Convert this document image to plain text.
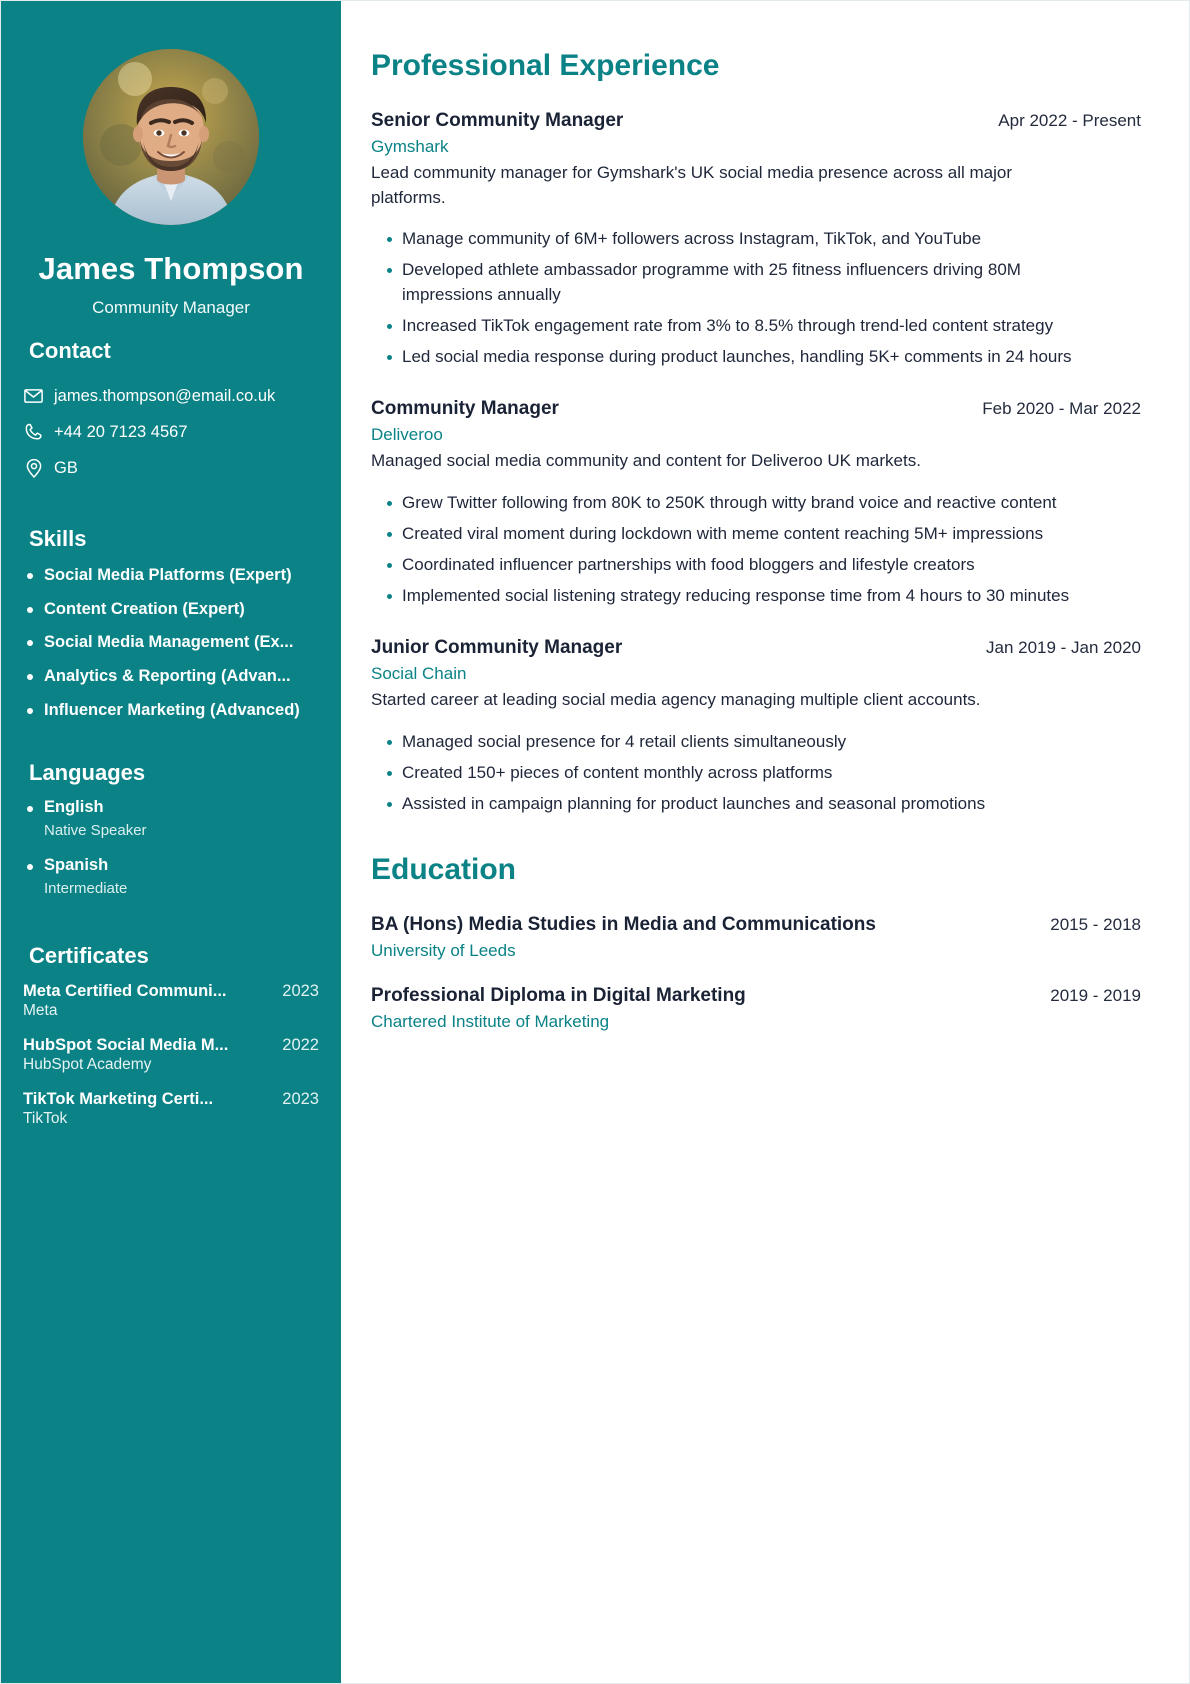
James Thompson
Community Manager
Contact
james.thompson@email.co.uk
+44 20 7123 4567
GB
Skills
Social Media Platforms (Expert)
Content Creation (Expert)
Social Media Management (Ex...
Analytics & Reporting (Advan...
Influencer Marketing (Advanced)
Languages
English
Native Speaker
Spanish
Intermediate
Certificates
Meta Certified Communi...	2023
Meta
HubSpot Social Media M...	2022
HubSpot Academy
TikTok Marketing Certi...	2023
TikTok
Professional Experience
Senior Community Manager	Apr 2022 - Present
Gymshark

Lead community manager for Gymshark's UK social media presence across all major platforms.

Manage community of 6M+ followers across Instagram, TikTok, and YouTube
Developed athlete ambassador programme with 25 fitness influencers driving 80M impressions annually
Increased TikTok engagement rate from 3% to 8.5% through trend-led content strategy
Led social media response during product launches, handling 5K+ comments in 24 hours
Community Manager	Feb 2020 - Mar 2022
Deliveroo

Managed social media community and content for Deliveroo UK markets.

Grew Twitter following from 80K to 250K through witty brand voice and reactive content
Created viral moment during lockdown with meme content reaching 5M+ impressions
Coordinated influencer partnerships with food bloggers and lifestyle creators
Implemented social listening strategy reducing response time from 4 hours to 30 minutes
Junior Community Manager	Jan 2019 - Jan 2020
Social Chain

Started career at leading social media agency managing multiple client accounts.

Managed social presence for 4 retail clients simultaneously
Created 150+ pieces of content monthly across platforms
Assisted in campaign planning for product launches and seasonal promotions
Education
BA (Hons) Media Studies in Media and Communications	2015 - 2018
University of Leeds
Professional Diploma in Digital Marketing	2019 - 2019
Chartered Institute of Marketing
